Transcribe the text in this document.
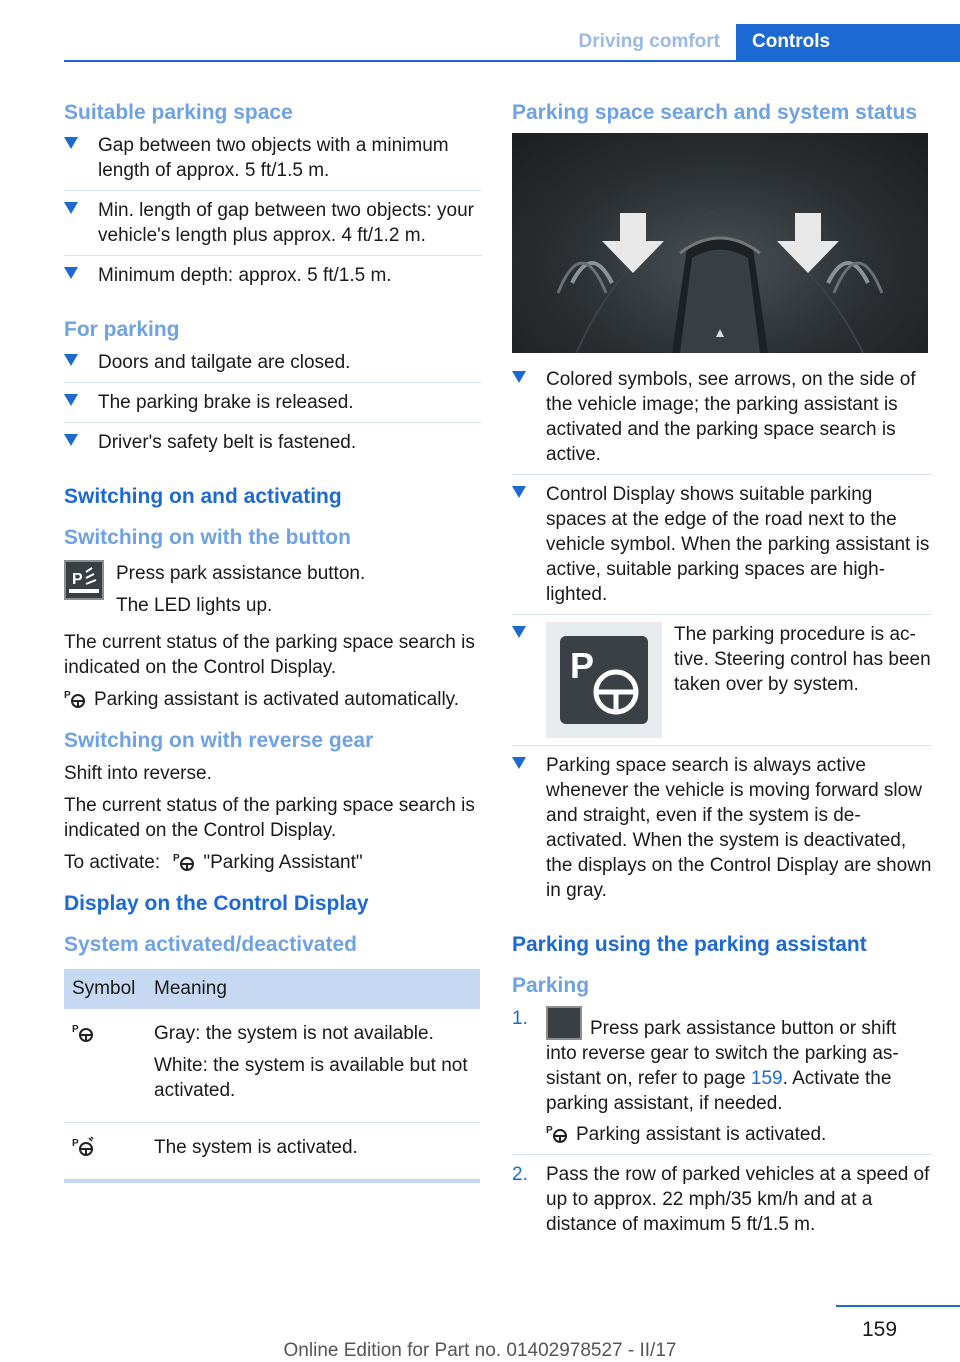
Driving comfort	Controls
Suitable parking space
Gap between two objects with a minimum length of approx. 5 ft/1.5 m.
Min. length of gap between two objects: your vehicle's length plus approx. 4 ft/1.2 m.
Minimum depth: approx. 5 ft/1.5 m.
For parking
Doors and tailgate are closed.
The parking brake is released.
Driver's safety belt is fastened.
Switching on and activating
Switching on with the button
P Press park assistance button.

The LED lights up.

The current status of the parking space search is indicated on the Control Display.

P Parking assistant is activated automatically.

Switching on with reverse gear

Shift into reverse.

The current status of the parking space search is indicated on the Control Display.

To activate: P "Parking Assistant"

Display on the Control Display
System activated/deactivated
Symbol	Meaning

P	Gray: the system is not available.

White: the system is available but not activated.

P	The system is activated.

Parking space search and system status
Colored symbols, see arrows, on the side of the vehicle image; the parking assistant is activated and the parking space search is active.
Control Display shows suitable parking spaces at the edge of the road next to the vehicle symbol. When the parking assistant is active, suitable parking spaces are high-lighted.
P
The parking procedure is ac-tive. Steering control has been taken over by system.
Parking space search is always active whenever the vehicle is moving forward slow and straight, even if the system is de-activated. When the system is deactivated, the displays on the Control Display are shown in gray.
Parking using the parking assistant
Parking
1.	Press park assistance button or shift into reverse gear to switch the parking as-sistant on, refer to page 159. Activate the parking assistant, if needed.
P Parking assistant is activated.
2. Pass the row of parked vehicles at a speed of up to approx. 22 mph/35 km/h and at a distance of maximum 5 ft/1.5 m.
159
Online Edition for Part no. 01402978527 - II/17
